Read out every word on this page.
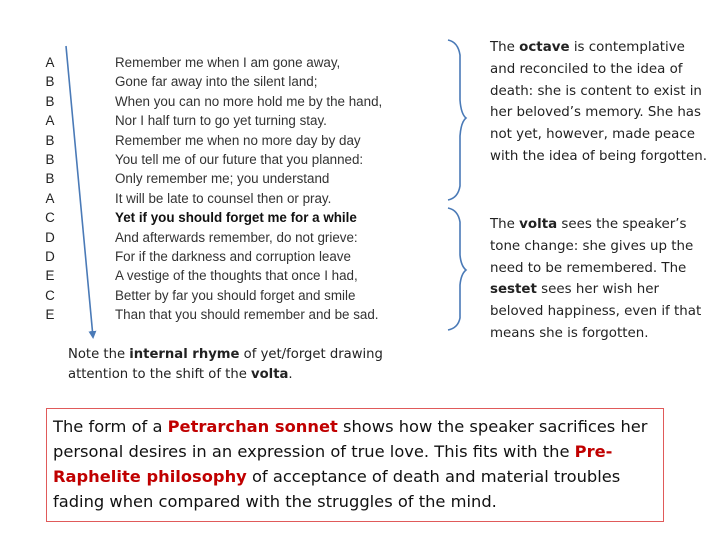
A
B
B
A
B
B
B
A
C
D
D
E
C
E
Remember me when I am gone away,
Gone far away into the silent land;
When you can no more hold me by the hand,
Nor I half turn to go yet turning stay.
Remember me when no more day by day
You tell me of our future that you planned:
Only remember me; you understand
It will be late to counsel then or pray.
Yet if you should forget me for a while
And afterwards remember, do not grieve:
For if the darkness and corruption leave
A vestige of the thoughts that once I had,
Better by far you should forget and smile
Than that you should remember and be sad.
The octave is contemplative and reconciled to the idea of death: she is content to exist in her beloved’s memory. She has not yet, however, made peace with the idea of being forgotten.
The volta sees the speaker’s tone change: she gives up the need to be remembered. The sestet sees her wish her beloved happiness, even if that means she is forgotten.
Note the internal rhyme of yet/forget drawing attention to the shift of the volta.
The form of a Petrarchan sonnet shows how the speaker sacrifices her personal desires in an expression of true love. This fits with the Pre-Raphelite philosophy of acceptance of death and material troubles fading when compared with the struggles of the mind.
